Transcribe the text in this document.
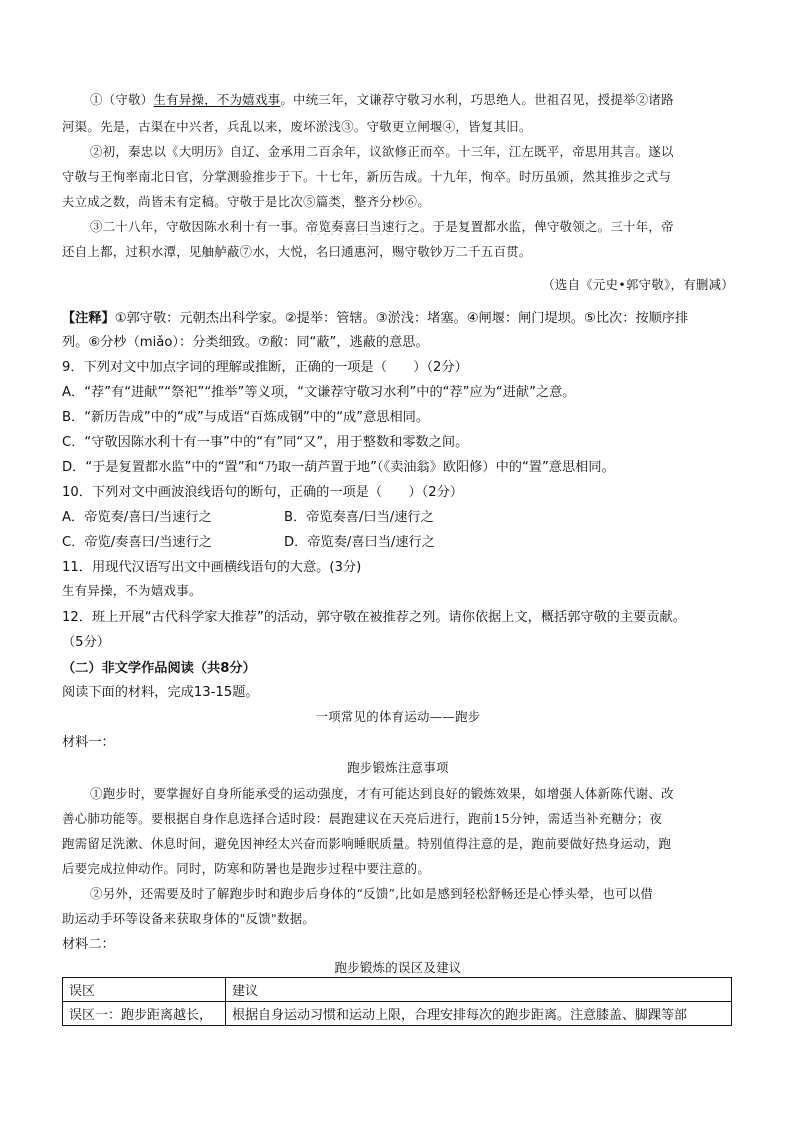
①（守敬）生有异操，不为嬉戏事。中统三年，文谦荐守敬习水利，巧思绝人。世祖召见，授提举②诸路
河渠。先是，古渠在中兴者，兵乱以来，废坏淤浅③。守敬更立闸堰④，皆复其旧。
②初，秦忠以《大明历》自辽、金承用二百余年，议欲修正而卒。十三年，江左既平，帝思用其言。遂以
守敬与王恂率南北日官，分掌测验推步于下。十七年，新历告成。十九年，恂卒。时历虽颁，然其推步之式与
夫立成之数，尚皆未有定稿。守敬于是比次⑤篇类，整齐分杪⑥。
③二十八年，守敬因陈水利十有一事。帝览奏喜曰当速行之。于是复置都水监，俾守敬领之。三十年，帝
还自上都，过积水潭，见舳舻蔽⑦水，大悦，名曰通惠河，赐守敬钞万二千五百贯。
（选自《元史•郭守敬》，有删减）
【注释】①郭守敬：元朝杰出科学家。②提举：管辖。③淤浅：堵塞。④闸堰：闸门堤坝。⑤比次：按顺序排
列。⑥分杪（miǎo）：分类细致。⑦敝：同“蔽”，逃蔽的意思。
9．下列对文中加点字词的理解或推断，正确的一项是（　　）（2分）
A．“荐”有“进献”“祭祀”“推举”等义项，“文谦荐守敬习水利”中的“荐”应为“进献”之意。
B．“新历告成”中的“成”与成语“百炼成钢”中的“成”意思相同。
C．“守敬因陈水利十有一事”中的“有”同“又”，用于整数和零数之间。
D．“于是复置都水监”中的“置”和“乃取一葫芦置于地”（《卖油翁》欧阳修）中的“置”意思相同。
10．下列对文中画波浪线语句的断句，正确的一项是（　　）（2分）
A．帝览奏/喜曰/当速行之	B．帝览奏喜/曰当/速行之
C．帝览/奏喜曰/当速行之	D．帝览奏/喜曰当/速行之
11．用现代汉语写出文中画横线语句的大意。(3分)
生有异操，不为嬉戏事。
12．班上开展“古代科学家大推荐”的活动，郭守敬在被推荐之列。请你依据上文，概括郭守敬的主要贡献。
（5分）
（二）非文学作品阅读（共8分）
阅读下面的材料，完成13-15题。
一项常见的体育运动——跑步
材料一：
跑步锻炼注意事项
①跑步时，要掌握好自身所能承受的运动强度，才有可能达到良好的锻炼效果，如增强人体新陈代谢、改
善心肺功能等。要根据自身作息选择合适时段：晨跑建议在天亮后进行，跑前15分钟，需适当补充糖分；夜
跑需留足洗漱、休息时间，避免因神经太兴奋而影响睡眠质量。特别值得注意的是，跑前要做好热身运动，跑
后要完成拉伸动作。同时，防寒和防暑也是跑步过程中要注意的。
②另外，还需要及时了解跑步时和跑步后身体的“反馈”,比如是感到轻松舒畅还是心悸头晕，也可以借
助运动手环等设备来获取身体的"反馈"数据。
材料二：
跑步锻炼的误区及建议
误区	建议
误区一：跑步距离越长，	根据自身运动习惯和运动上限，合理安排每次的跑步距离。注意膝盖、脚踝等部
